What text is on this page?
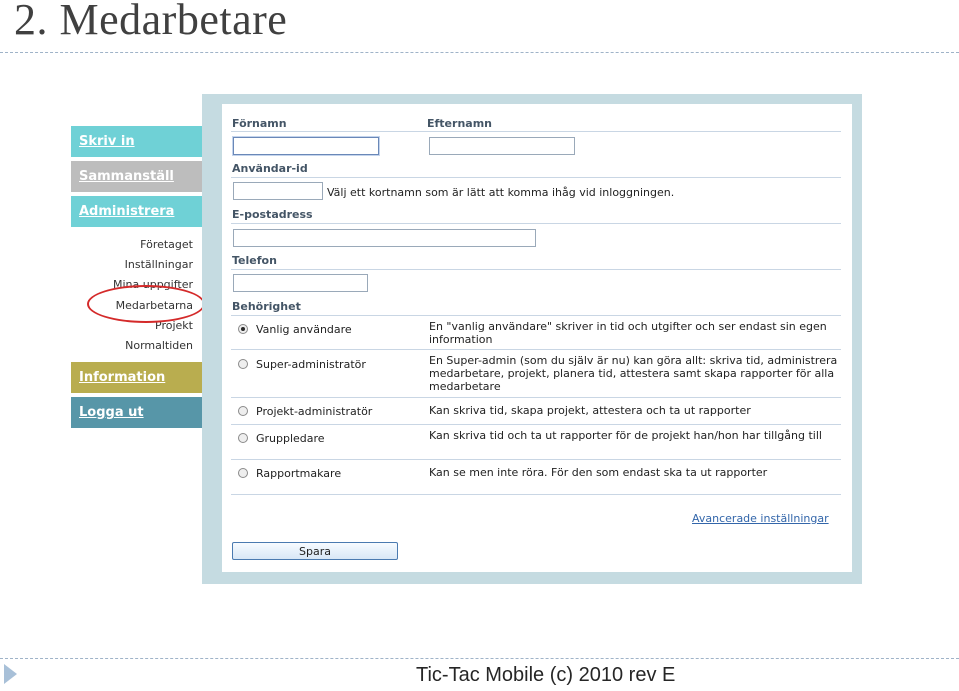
2. Medarbetare
Skriv in
Sammanställ
Administrera
Företaget
Inställningar
Mina uppgifter
Medarbetarna
Projekt
Normaltiden
Information
Logga ut
Förnamn	Efternamn
Användar-id
Välj ett kortnamn som är lätt att komma ihåg vid inloggningen.
E-postadress
Telefon
Behörighet
Vanlig användare	En "vanlig användare" skriver in tid och utgifter och ser endast sin egen information
Super-administratör	En Super-admin (som du själv är nu) kan göra allt: skriva tid, administrera medarbetare, projekt, planera tid, attestera samt skapa rapporter för alla medarbetare
Projekt-administratör	Kan skriva tid, skapa projekt, attestera och ta ut rapporter
Gruppledare	Kan skriva tid och ta ut rapporter för de projekt han/hon har tillgång till
Rapportmakare	Kan se men inte röra. För den som endast ska ta ut rapporter
Avancerade inställningar
Spara
Tic-Tac Mobile (c) 2010 rev E
